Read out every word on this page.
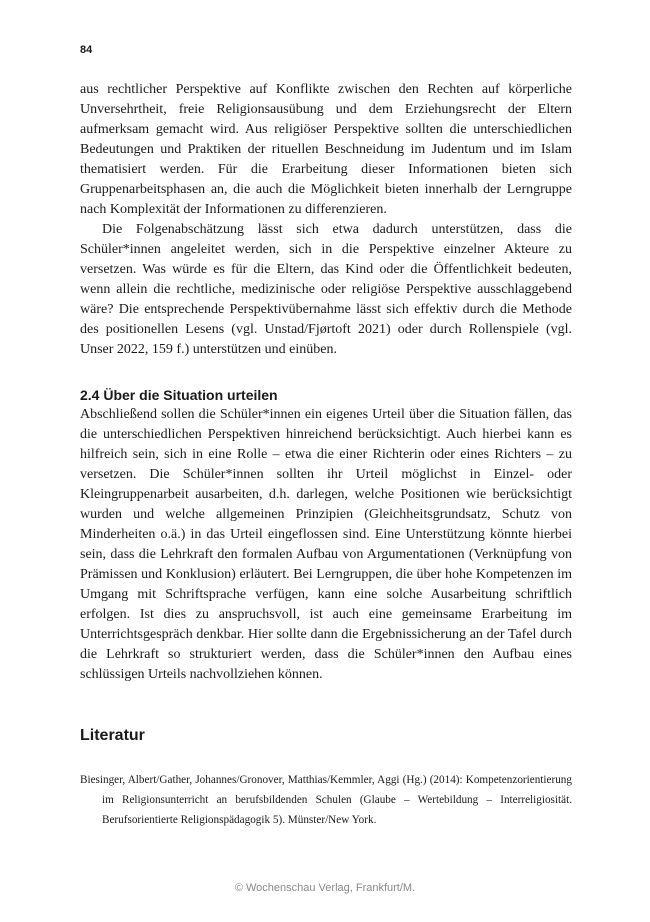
84

aus rechtlicher Perspektive auf Konflikte zwischen den Rechten auf körperliche Unversehrtheit, freie Religionsausübung und dem Erziehungsrecht der Eltern aufmerksam gemacht wird. Aus religiöser Perspektive sollten die unterschiedlichen Bedeutungen und Praktiken der rituellen Beschneidung im Judentum und im Islam thematisiert werden. Für die Erarbeitung dieser Informationen bieten sich Gruppenarbeitsphasen an, die auch die Möglichkeit bieten innerhalb der Lerngruppe nach Komplexität der Informationen zu differenzieren.

Die Folgenabschätzung lässt sich etwa dadurch unterstützen, dass die Schüler*innen angeleitet werden, sich in die Perspektive einzelner Akteure zu versetzen. Was würde es für die Eltern, das Kind oder die Öffentlichkeit bedeuten, wenn allein die rechtliche, medizinische oder religiöse Perspektive ausschlaggebend wäre? Die entsprechende Perspektivübernahme lässt sich effektiv durch die Methode des positionellen Lesens (vgl. Unstad/Fjørtoft 2021) oder durch Rollenspiele (vgl. Unser 2022, 159 f.) unterstützen und einüben.

2.4 Über die Situation urteilen

Abschließend sollen die Schüler*innen ein eigenes Urteil über die Situation fällen, das die unterschiedlichen Perspektiven hinreichend berücksichtigt. Auch hierbei kann es hilfreich sein, sich in eine Rolle – etwa die einer Richterin oder eines Richters – zu versetzen. Die Schüler*innen sollten ihr Urteil möglichst in Einzel- oder Kleingruppenarbeit ausarbeiten, d.h. darlegen, welche Positionen wie berücksichtigt wurden und welche allgemeinen Prinzipien (Gleichheitsgrundsatz, Schutz von Minderheiten o.ä.) in das Urteil eingeflossen sind. Eine Unterstützung könnte hierbei sein, dass die Lehrkraft den formalen Aufbau von Argumentationen (Verknüpfung von Prämissen und Konklusion) erläutert. Bei Lerngruppen, die über hohe Kompetenzen im Umgang mit Schriftsprache verfügen, kann eine solche Ausarbeitung schriftlich erfolgen. Ist dies zu anspruchsvoll, ist auch eine gemeinsame Erarbeitung im Unterrichtsgespräch denkbar. Hier sollte dann die Ergebnissicherung an der Tafel durch die Lehrkraft so strukturiert werden, dass die Schüler*innen den Aufbau eines schlüssigen Urteils nachvollziehen können.

Literatur

Biesinger, Albert/Gather, Johannes/Gronover, Matthias/Kemmler, Aggi (Hg.) (2014): Kompetenzorientierung im Religionsunterricht an berufsbildenden Schulen (Glaube – Wertebildung – Interreligiosität. Berufsorientierte Religionspädagogik 5). Münster/New York.

© Wochenschau Verlag, Frankfurt/M.
